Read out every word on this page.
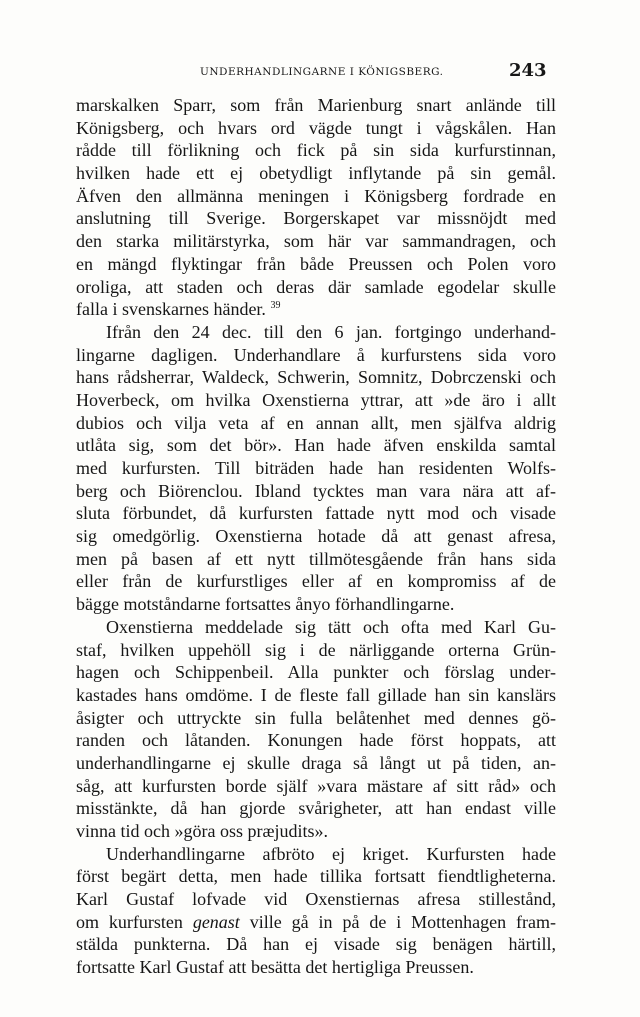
UNDERHANDLINGARNE I KÖNIGSBERG.	243
marskalken Sparr, som från Marienburg snart anlände till
Königsberg, och hvars ord vägde tungt i vågskålen. Han
rådde till förlikning och fick på sin sida kurfurstinnan,
hvilken hade ett ej obetydligt inflytande på sin gemål.
Äfven den allmänna meningen i Königsberg fordrade en
anslutning till Sverige. Borgerskapet var missnöjdt med
den starka militärstyrka, som här var sammandragen, och
en mängd flyktingar från både Preussen och Polen voro
oroliga, att staden och deras där samlade egodelar skulle
falla i svenskarnes händer. $^{39}$
Ifrån den 24 dec. till den 6 jan. fortgingo underhand-
lingarne dagligen. Underhandlare å kurfurstens sida voro
hans rådsherrar, Waldeck, Schwerin, Somnitz, Dobrczenski och
Hoverbeck, om hvilka Oxenstierna yttrar, att »de äro i allt
dubios och vilja veta af en annan allt, men själfva aldrig
utlåta sig, som det bör». Han hade äfven enskilda samtal
med kurfursten. Till biträden hade han residenten Wolfs-
berg och Biörenclou. Ibland tycktes man vara nära att af-
sluta förbundet, då kurfursten fattade nytt mod och visade
sig omedgörlig. Oxenstierna hotade då att genast afresa,
men på basen af ett nytt tillmötesgående från hans sida
eller från de kurfurstliges eller af en kompromiss af de
bägge motståndarne fortsattes ånyo förhandlingarne.
Oxenstierna meddelade sig tätt och ofta med Karl Gu-
staf, hvilken uppehöll sig i de närliggande orterna Grün-
hagen och Schippenbeil. Alla punkter och förslag under-
kastades hans omdöme. I de fleste fall gillade han sin kanslärs
åsigter och uttryckte sin fulla belåtenhet med dennes gö-
randen och låtanden. Konungen hade först hoppats, att
underhandlingarne ej skulle draga så långt ut på tiden, an-
såg, att kurfursten borde själf »vara mästare af sitt råd» och
misstänkte, då han gjorde svårigheter, att han endast ville
vinna tid och »göra oss præjudits».
Underhandlingarne afbröto ej kriget. Kurfursten hade
först begärt detta, men hade tillika fortsatt fiendtligheterna.
Karl Gustaf lofvade vid Oxenstiernas afresa stillestånd,
om kurfursten genast ville gå in på de i Mottenhagen fram-
stälda punkterna. Då han ej visade sig benägen härtill,
fortsatte Karl Gustaf att besätta det hertigliga Preussen.
